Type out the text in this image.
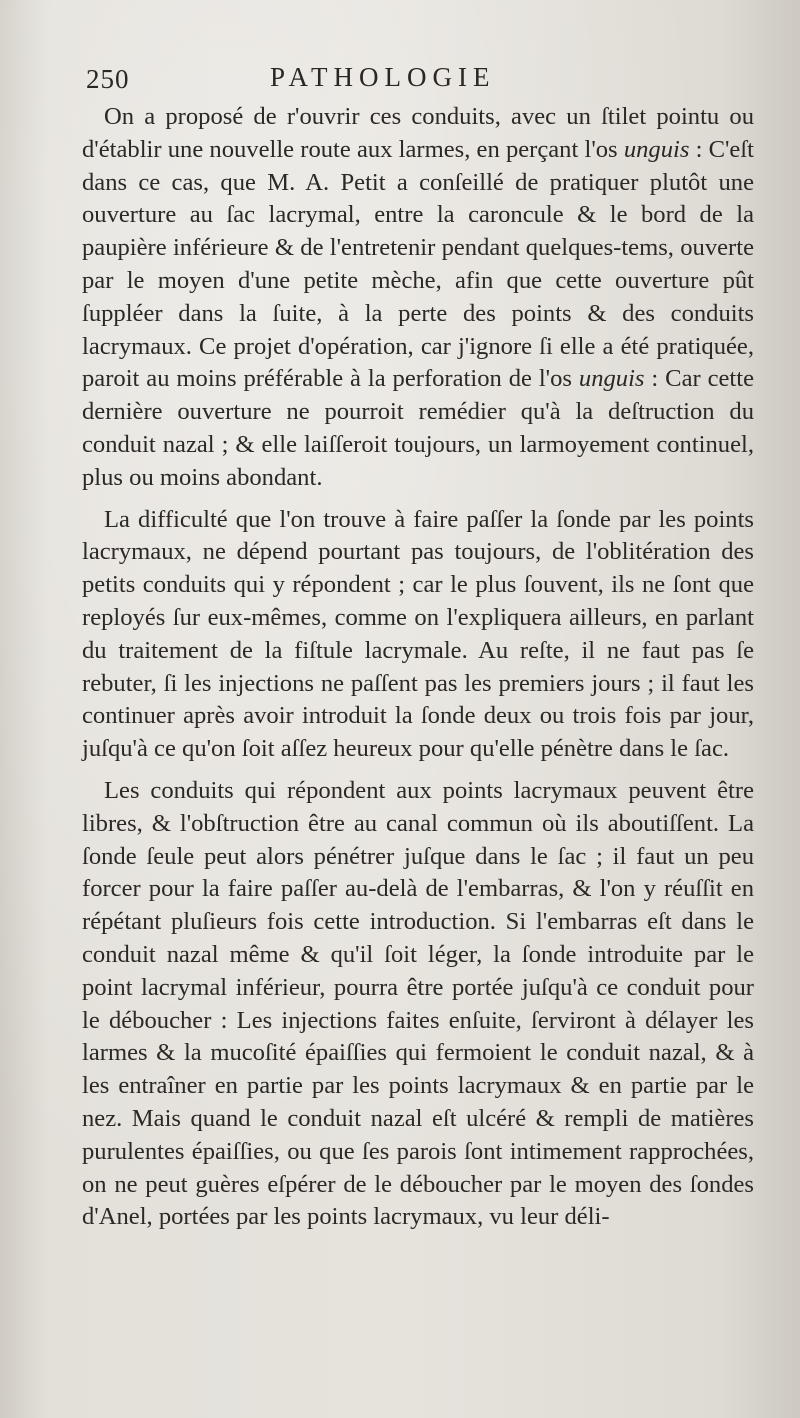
250	PATHOLOGIE

On a proposé de r'ouvrir ces conduits, avec un ſtilet pointu ou d'établir une nouvelle route aux larmes, en perçant l'os unguis : C'eſt dans ce cas, que M. A. Petit a conſeillé de pratiquer plutôt une ouverture au ſac lacrymal, entre la caroncule & le bord de la paupière inférieure & de l'entretenir pendant quelques-tems, ouverte par le moyen d'une petite mèche, afin que cette ouverture pût ſuppléer dans la ſuite, à la perte des points & des conduits lacrymaux. Ce projet d'opération, car j'ignore ſi elle a été pratiquée, paroit au moins préférable à la perforation de l'os unguis : Car cette dernière ouverture ne pourroit remédier qu'à la deſtruction du conduit nazal ; & elle laiſſeroit toujours, un larmoyement continuel, plus ou moins abondant.

La difficulté que l'on trouve à faire paſſer la ſonde par les points lacrymaux, ne dépend pourtant pas toujours, de l'oblitération des petits conduits qui y répondent ; car le plus ſouvent, ils ne ſont que reployés ſur eux-mêmes, comme on l'expliquera ailleurs, en parlant du traitement de la fiſtule lacrymale. Au reſte, il ne faut pas ſe rebuter, ſi les injections ne paſſent pas les premiers jours ; il faut les continuer après avoir introduit la ſonde deux ou trois fois par jour, juſqu'à ce qu'on ſoit aſſez heureux pour qu'elle pénètre dans le ſac.

Les conduits qui répondent aux points lacrymaux peuvent être libres, & l'obſtruction être au canal commun où ils aboutiſſent. La ſonde ſeule peut alors pénétrer juſque dans le ſac ; il faut un peu forcer pour la faire paſſer au-delà de l'embarras, & l'on y réuſſit en répétant pluſieurs fois cette introduction. Si l'embarras eſt dans le conduit nazal même & qu'il ſoit léger, la ſonde introduite par le point lacrymal inférieur, pourra être portée juſqu'à ce conduit pour le déboucher : Les injections faites enſuite, ſerviront à délayer les larmes & la mucoſité épaiſſies qui fermoient le conduit nazal, & à les entraîner en partie par les points lacrymaux & en partie par le nez. Mais quand le conduit nazal eſt ulcéré & rempli de matières purulentes épaiſſies, ou que ſes parois ſont intimement rapprochées, on ne peut guères eſpérer de le déboucher par le moyen des ſondes d'Anel, portées par les points lacrymaux, vu leur déli-
